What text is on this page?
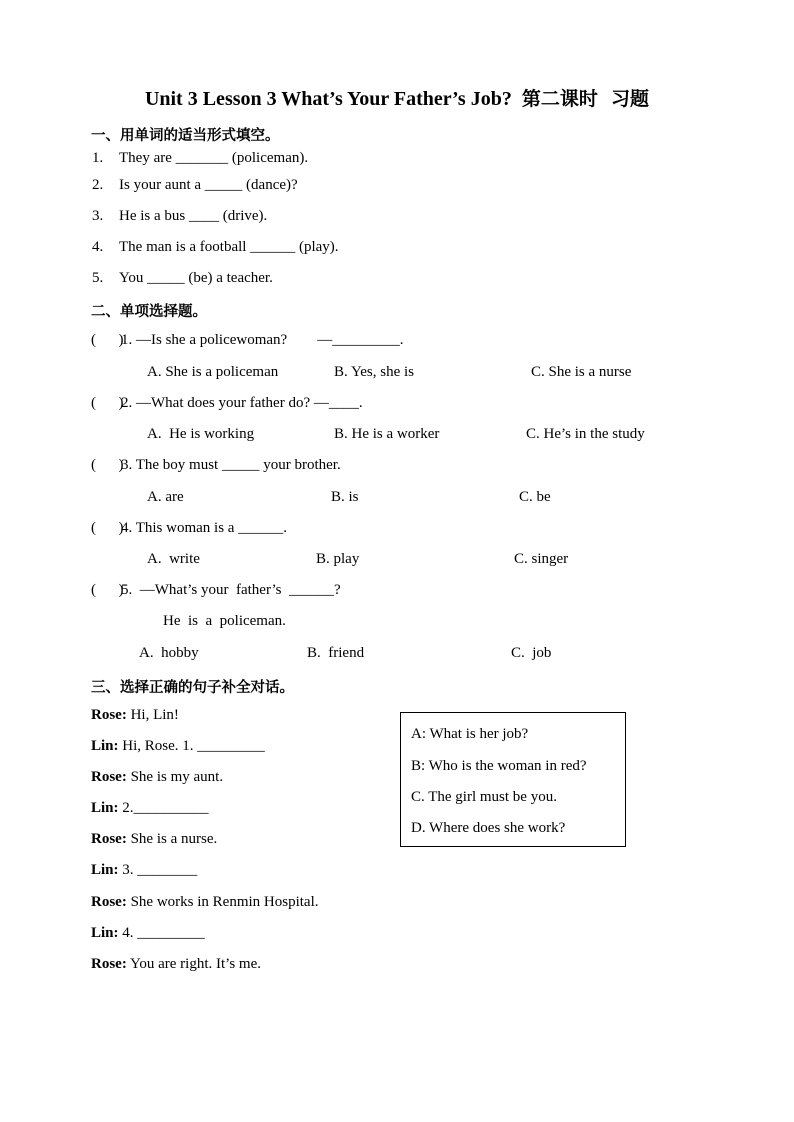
Unit 3 Lesson 3 What’s Your Father’s Job? 第二课时  习题
一、用单词的适当形式填空。
1. They are _______ (policeman).
2. Is your aunt a _____ (dance)?
3. He is a bus ____ (drive).
4. The man is a football ______ (play).
5. You _____ (be) a teacher.
二、单项选择题。
(      )
1. —Is she a policewoman?        —_________.
A. She is a policeman	B. Yes, she is	C. She is a nurse
(      )
2. —What does your father do? —____.
A.  He is working	B. He is a worker	C. He’s in the study
(      )
3. The boy must _____ your brother.
A. are	B. is	C. be
(      )
4. This woman is a ______.
A.  write	B. play	C. singer
(      )
5.  —What’s your  father’s  ______?
He  is  a  policeman.
A.  hobby	B.  friend	C.  job
三、选择正确的句子补全对话。
Rose: Hi, Lin!
Lin: Hi, Rose. 1. _________
Rose: She is my aunt.
Lin: 2.__________
Rose: She is a nurse.
Lin: 3. ________
Rose: She works in Renmin Hospital.
Lin: 4. _________
Rose: You are right. It’s me.
A: What is her job?
B: Who is the woman in red?
C. The girl must be you.
D. Where does she work?
